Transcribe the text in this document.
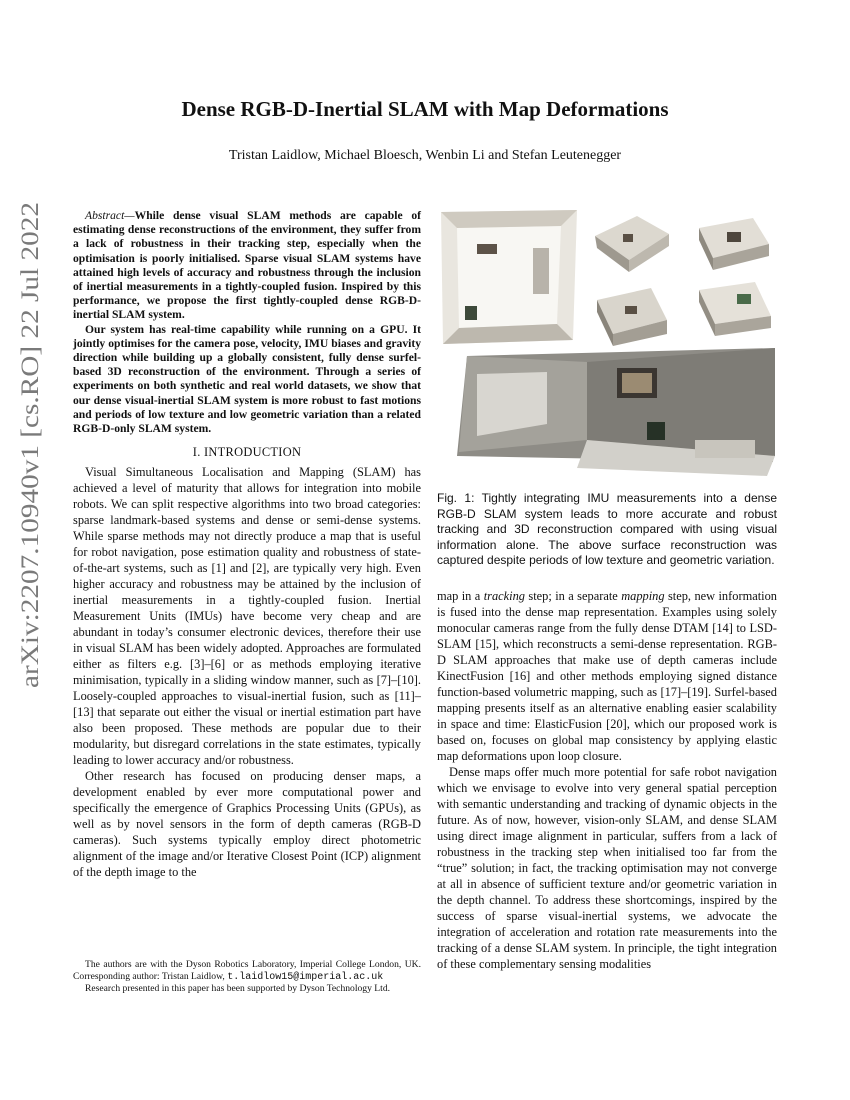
arXiv:2207.10940v1 [cs.RO] 22 Jul 2022
Dense RGB-D-Inertial SLAM with Map Deformations
Tristan Laidlow, Michael Bloesch, Wenbin Li and Stefan Leutenegger

Abstract—While dense visual SLAM methods are capable of estimating dense reconstructions of the environment, they suffer from a lack of robustness in their tracking step, especially when the optimisation is poorly initialised. Sparse visual SLAM systems have attained high levels of accuracy and robustness through the inclusion of inertial measurements in a tightly-coupled fusion. Inspired by this performance, we propose the first tightly-coupled dense RGB-D-inertial SLAM system.

Our system has real-time capability while running on a GPU. It jointly optimises for the camera pose, velocity, IMU biases and gravity direction while building up a globally consistent, fully dense surfel-based 3D reconstruction of the environment. Through a series of experiments on both synthetic and real world datasets, we show that our dense visual-inertial SLAM system is more robust to fast motions and periods of low texture and low geometric variation than a related RGB-D-only SLAM system.

I. INTRODUCTION

Visual Simultaneous Localisation and Mapping (SLAM) has achieved a level of maturity that allows for integration into mobile robots. We can split respective algorithms into two broad categories: sparse landmark-based systems and dense or semi-dense systems. While sparse methods may not directly produce a map that is useful for robot navigation, pose estimation quality and robustness of state-of-the-art systems, such as [1] and [2], are typically very high. Even higher accuracy and robustness may be attained by the inclusion of inertial measurements in a tightly-coupled fusion. Inertial Measurement Units (IMUs) have become very cheap and are abundant in today’s consumer electronic devices, therefore their use in visual SLAM has been widely adopted. Approaches are formulated either as filters e.g. [3]–[6] or as methods employing iterative minimisation, typically in a sliding window manner, such as [7]–[10]. Loosely-coupled approaches to visual-inertial fusion, such as [11]–[13] that separate out either the visual or inertial estimation part have also been proposed. These methods are popular due to their modularity, but disregard correlations in the state estimates, typically leading to lower accuracy and/or robustness.

Other research has focused on producing denser maps, a development enabled by ever more computational power and specifically the emergence of Graphics Processing Units (GPUs), as well as by novel sensors in the form of depth cameras (RGB-D cameras). Such systems typically employ direct photometric alignment of the image and/or Iterative Closest Point (ICP) alignment of the depth image to the

The authors are with the Dyson Robotics Laboratory, Imperial College London, UK. Corresponding author: Tristan Laidlow, t.laidlow15@imperial.ac.uk

Research presented in this paper has been supported by Dyson Technology Ltd.

Fig. 1: Tightly integrating IMU measurements into a dense RGB-D SLAM system leads to more accurate and robust tracking and 3D reconstruction compared with using visual information alone. The above surface reconstruction was captured despite periods of low texture and geometric variation.

map in a tracking step; in a separate mapping step, new information is fused into the dense map representation. Examples using solely monocular cameras range from the fully dense DTAM [14] to LSD-SLAM [15], which reconstructs a semi-dense representation. RGB-D SLAM approaches that make use of depth cameras include KinectFusion [16] and other methods employing signed distance function-based volumetric mapping, such as [17]–[19]. Surfel-based mapping presents itself as an alternative enabling easier scalability in space and time: ElasticFusion [20], which our proposed work is based on, focuses on global map consistency by applying elastic map deformations upon loop closure.

Dense maps offer much more potential for safe robot navigation which we envisage to evolve into very general spatial perception with semantic understanding and tracking of dynamic objects in the future. As of now, however, vision-only SLAM, and dense SLAM using direct image alignment in particular, suffers from a lack of robustness in the tracking step when initialised too far from the “true” solution; in fact, the tracking optimisation may not converge at all in absence of sufficient texture and/or geometric variation in the depth channel. To address these shortcomings, inspired by the success of sparse visual-inertial systems, we advocate the integration of acceleration and rotation rate measurements into the tracking of a dense SLAM system. In principle, the tight integration of these complementary sensing modalities
